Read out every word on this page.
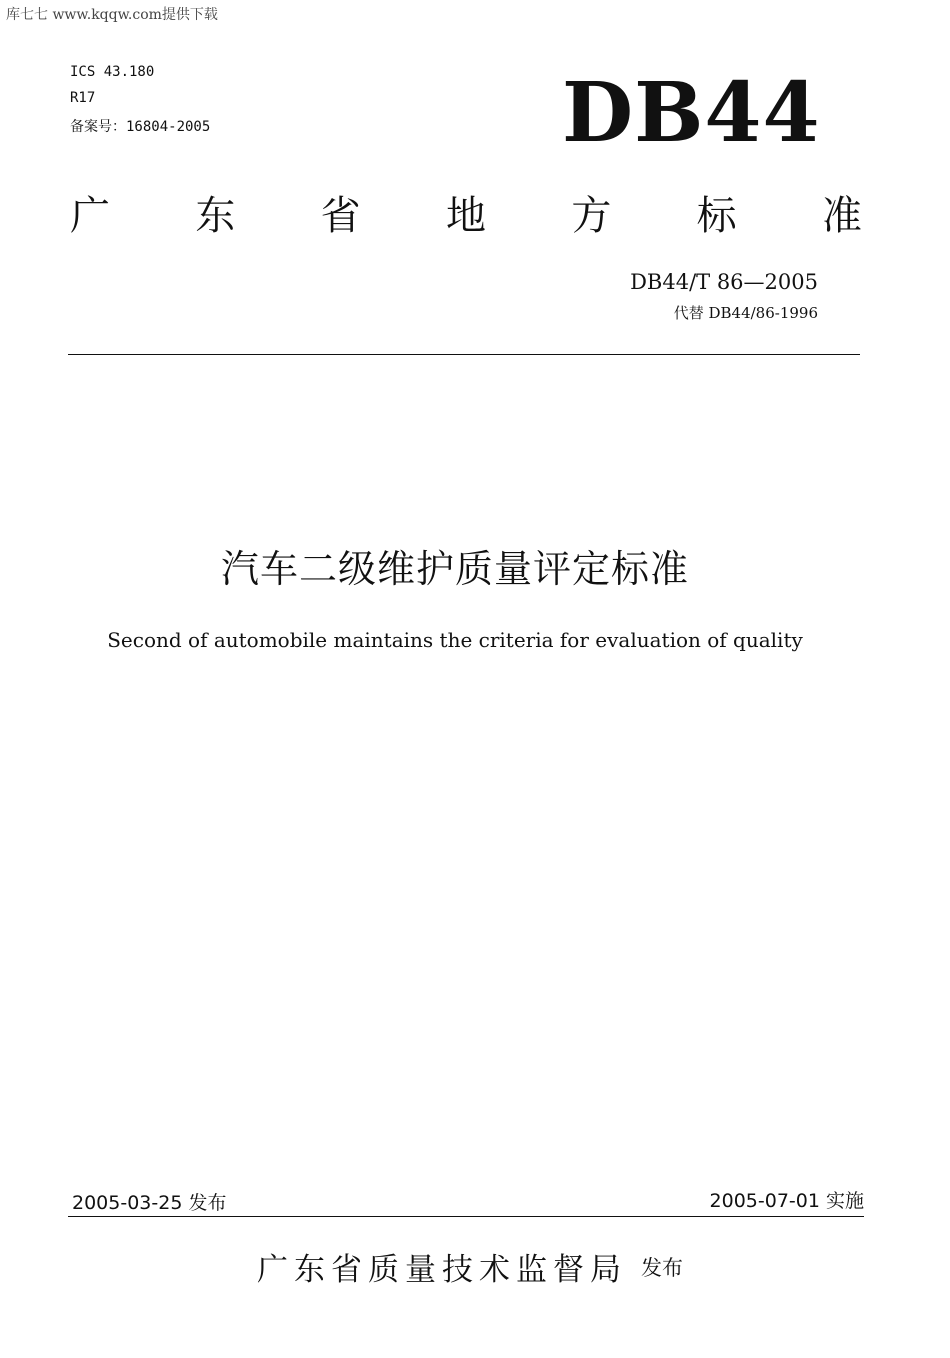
库七七 www.kqqw.com提供下载
ICS 43.180
R17
备案号：16804-2005	DB44
广 东 省 地 方 标 准
DB44/T 86—2005
代替 DB44/86-1996
汽车二级维护质量评定标准
Second of automobile maintains the criteria for evaluation of quality
2005-03-25 发布	2005-07-01 实施
广东省质量技术监督局 发布
